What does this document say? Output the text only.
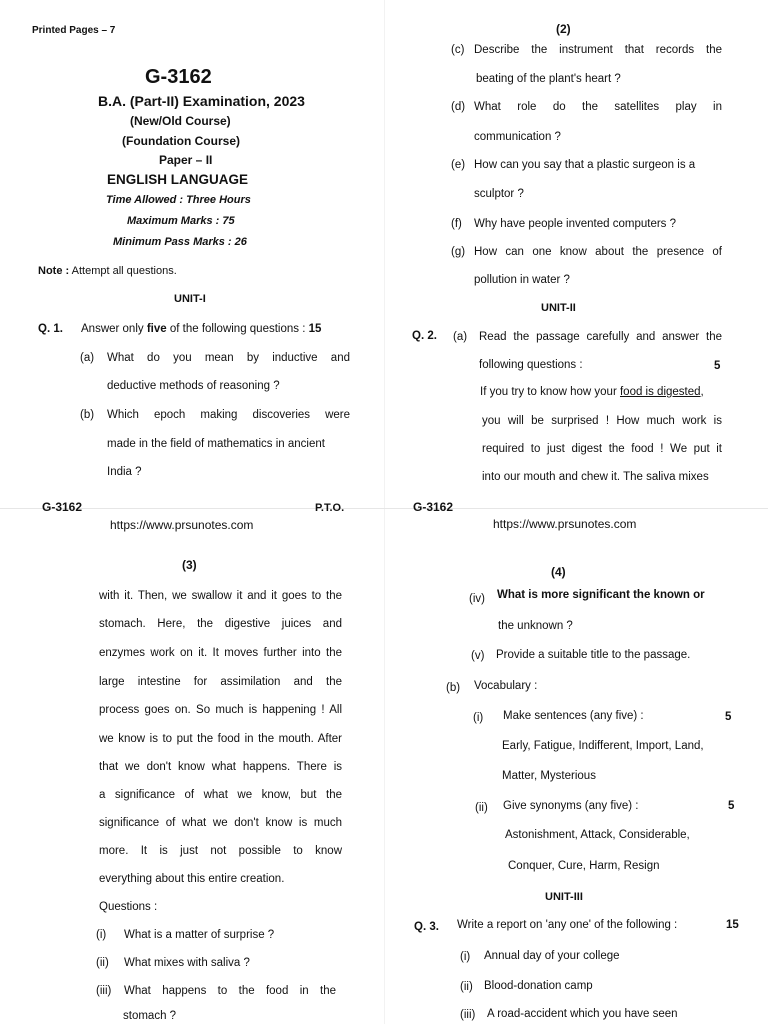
Printed Pages – 7
G-3162
B.A. (Part-II) Examination, 2023
(New/Old Course)
(Foundation Course)
Paper – II
ENGLISH LANGUAGE
Time Allowed : Three Hours
Maximum Marks : 75
Minimum Pass Marks : 26
Note : Attempt all questions.
UNIT-I
Q. 1. Answer only five of the following questions : 15
(a) What do you mean by inductive and
deductive methods of reasoning ?
(b) Which epoch making discoveries were
made in the field of mathematics in ancient
India ?
G-3162	P.T.O.
https://www.prsunotes.com
(2)
(c) Describe the instrument that records the
beating of the plant's heart ?
(d) What role do the satellites play in
communication ?
(e) How can you say that a plastic surgeon is a
sculptor ?
(f) Why have people invented computers ?
(g) How can one know about the presence of
pollution in water ?
UNIT-II
Q. 2. (a) Read the passage carefully and answer the
following questions :	5
If you try to know how your food is digested,
you will be surprised ! How much work is
required to just digest the food ! We put it
into our mouth and chew it. The saliva mixes
G-3162
https://www.prsunotes.com
(3)
with it. Then, we swallow it and it goes to the
stomach. Here, the digestive juices and
enzymes work on it. It moves further into the
large intestine for assimilation and the
process goes on. So much is happening ! All
we know is to put the food in the mouth. After
that we don't know what happens. There is
a significance of what we know, but the
significance of what we don't know is much
more. It is just not possible to know
everything about this entire creation.
Questions :
(i) What is a matter of surprise ?
(ii) What mixes with saliva ?
(iii) What happens to the food in the
stomach ?
(4)
(iv) What is more significant the known or
the unknown ?
(v) Provide a suitable title to the passage.
(b) Vocabulary :
(i) Make sentences (any five) :	5
Early, Fatigue, Indifferent, Import, Land,
Matter, Mysterious
(ii) Give synonyms (any five) :	5
Astonishment, Attack, Considerable,
Conquer, Cure, Harm, Resign
UNIT-III
Q. 3. Write a report on 'any one' of the following :	15
(i) Annual day of your college
(ii) Blood-donation camp
(iii) A road-accident which you have seen
